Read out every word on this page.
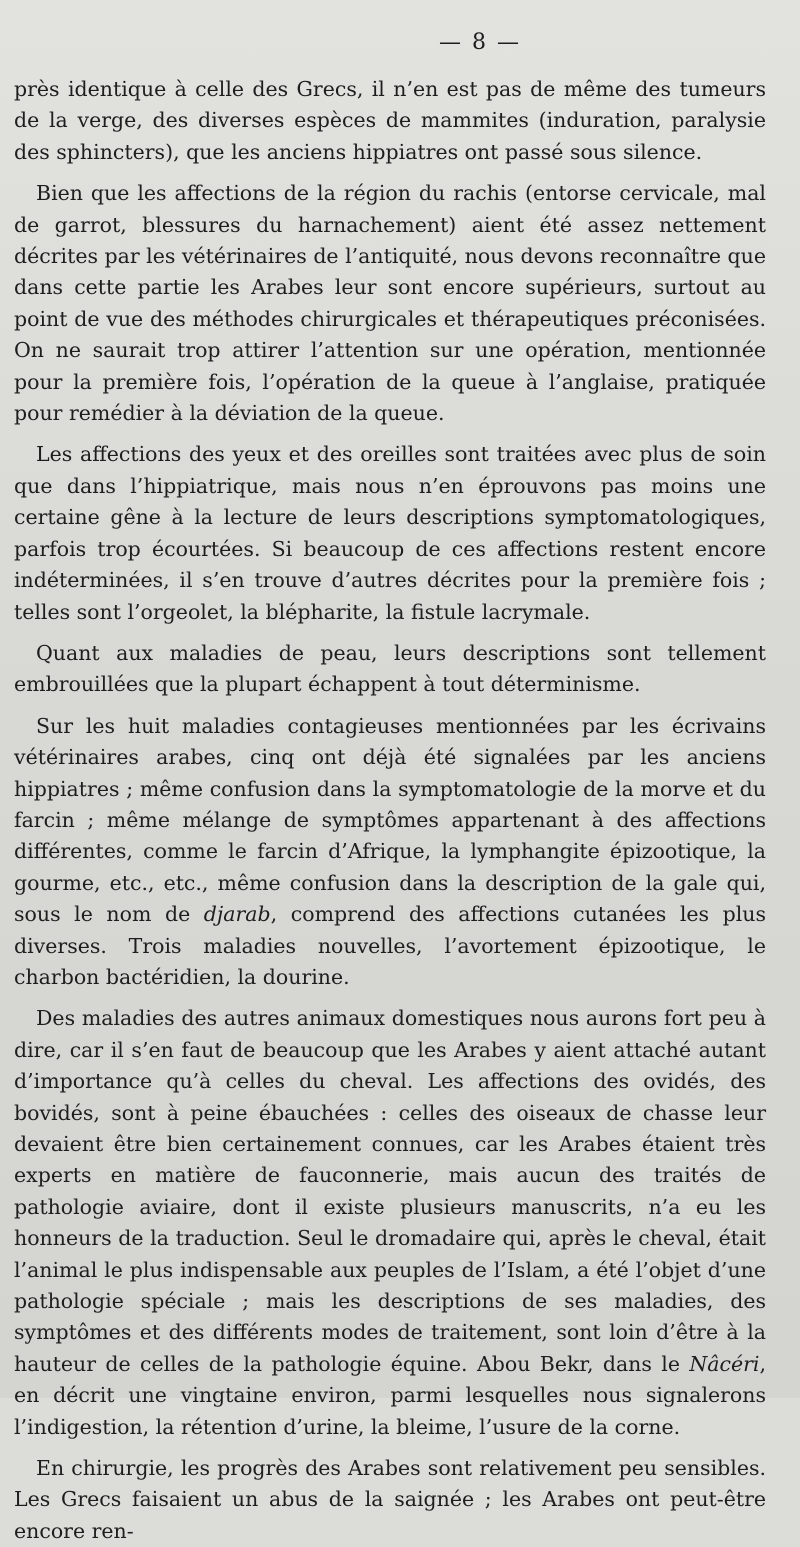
— 8 —

près identique à celle des Grecs, il n’en est pas de même des tumeurs de la verge, des diverses espèces de mammites (induration, paralysie des sphincters), que les anciens hippiatres ont passé sous silence.

Bien que les affections de la région du rachis (entorse cervicale, mal de garrot, blessures du harnachement) aient été assez nettement décrites par les vétérinaires de l’antiquité, nous devons reconnaître que dans cette partie les Arabes leur sont encore supérieurs, surtout au point de vue des méthodes chirurgicales et thérapeutiques préconisées. On ne saurait trop attirer l’attention sur une opération, mentionnée pour la première fois, l’opération de la queue à l’anglaise, pratiquée pour remédier à la déviation de la queue.

Les affections des yeux et des oreilles sont traitées avec plus de soin que dans l’hippiatrique, mais nous n’en éprouvons pas moins une certaine gêne à la lecture de leurs descriptions symptomatologiques, parfois trop écourtées. Si beaucoup de ces affections restent encore indéterminées, il s’en trouve d’autres décrites pour la première fois ; telles sont l’orgeolet, la blépharite, la fistule lacrymale.

Quant aux maladies de peau, leurs descriptions sont tellement embrouillées que la plupart échappent à tout déterminisme.

Sur les huit maladies contagieuses mentionnées par les écrivains vétérinaires arabes, cinq ont déjà été signalées par les anciens hippiatres ; même confusion dans la symptomatologie de la morve et du farcin ; même mélange de symptômes appartenant à des affections différentes, comme le farcin d’Afrique, la lymphangite épizootique, la gourme, etc., etc., même confusion dans la description de la gale qui, sous le nom de djarab, comprend des affections cutanées les plus diverses. Trois maladies nouvelles, l’avortement épizootique, le charbon bactéridien, la dourine.

Des maladies des autres animaux domestiques nous aurons fort peu à dire, car il s’en faut de beaucoup que les Arabes y aient attaché autant d’importance qu’à celles du cheval. Les affections des ovidés, des bovidés, sont à peine ébauchées : celles des oiseaux de chasse leur devaient être bien certainement connues, car les Arabes étaient très experts en matière de fauconnerie, mais aucun des traités de pathologie aviaire, dont il existe plusieurs manuscrits, n’a eu les honneurs de la traduction. Seul le dromadaire qui, après le cheval, était l’animal le plus indispensable aux peuples de l’Islam, a été l’objet d’une pathologie spéciale ; mais les descriptions de ses maladies, des symptômes et des différents modes de traitement, sont loin d’être à la hauteur de celles de la pathologie équine. Abou Bekr, dans le Nâcéri, en décrit une vingtaine environ, parmi lesquelles nous signalerons l’indigestion, la rétention d’urine, la bleime, l’usure de la corne.

En chirurgie, les progrès des Arabes sont relativement peu sensibles. Les Grecs faisaient un abus de la saignée ; les Arabes ont peut-être encore ren-
